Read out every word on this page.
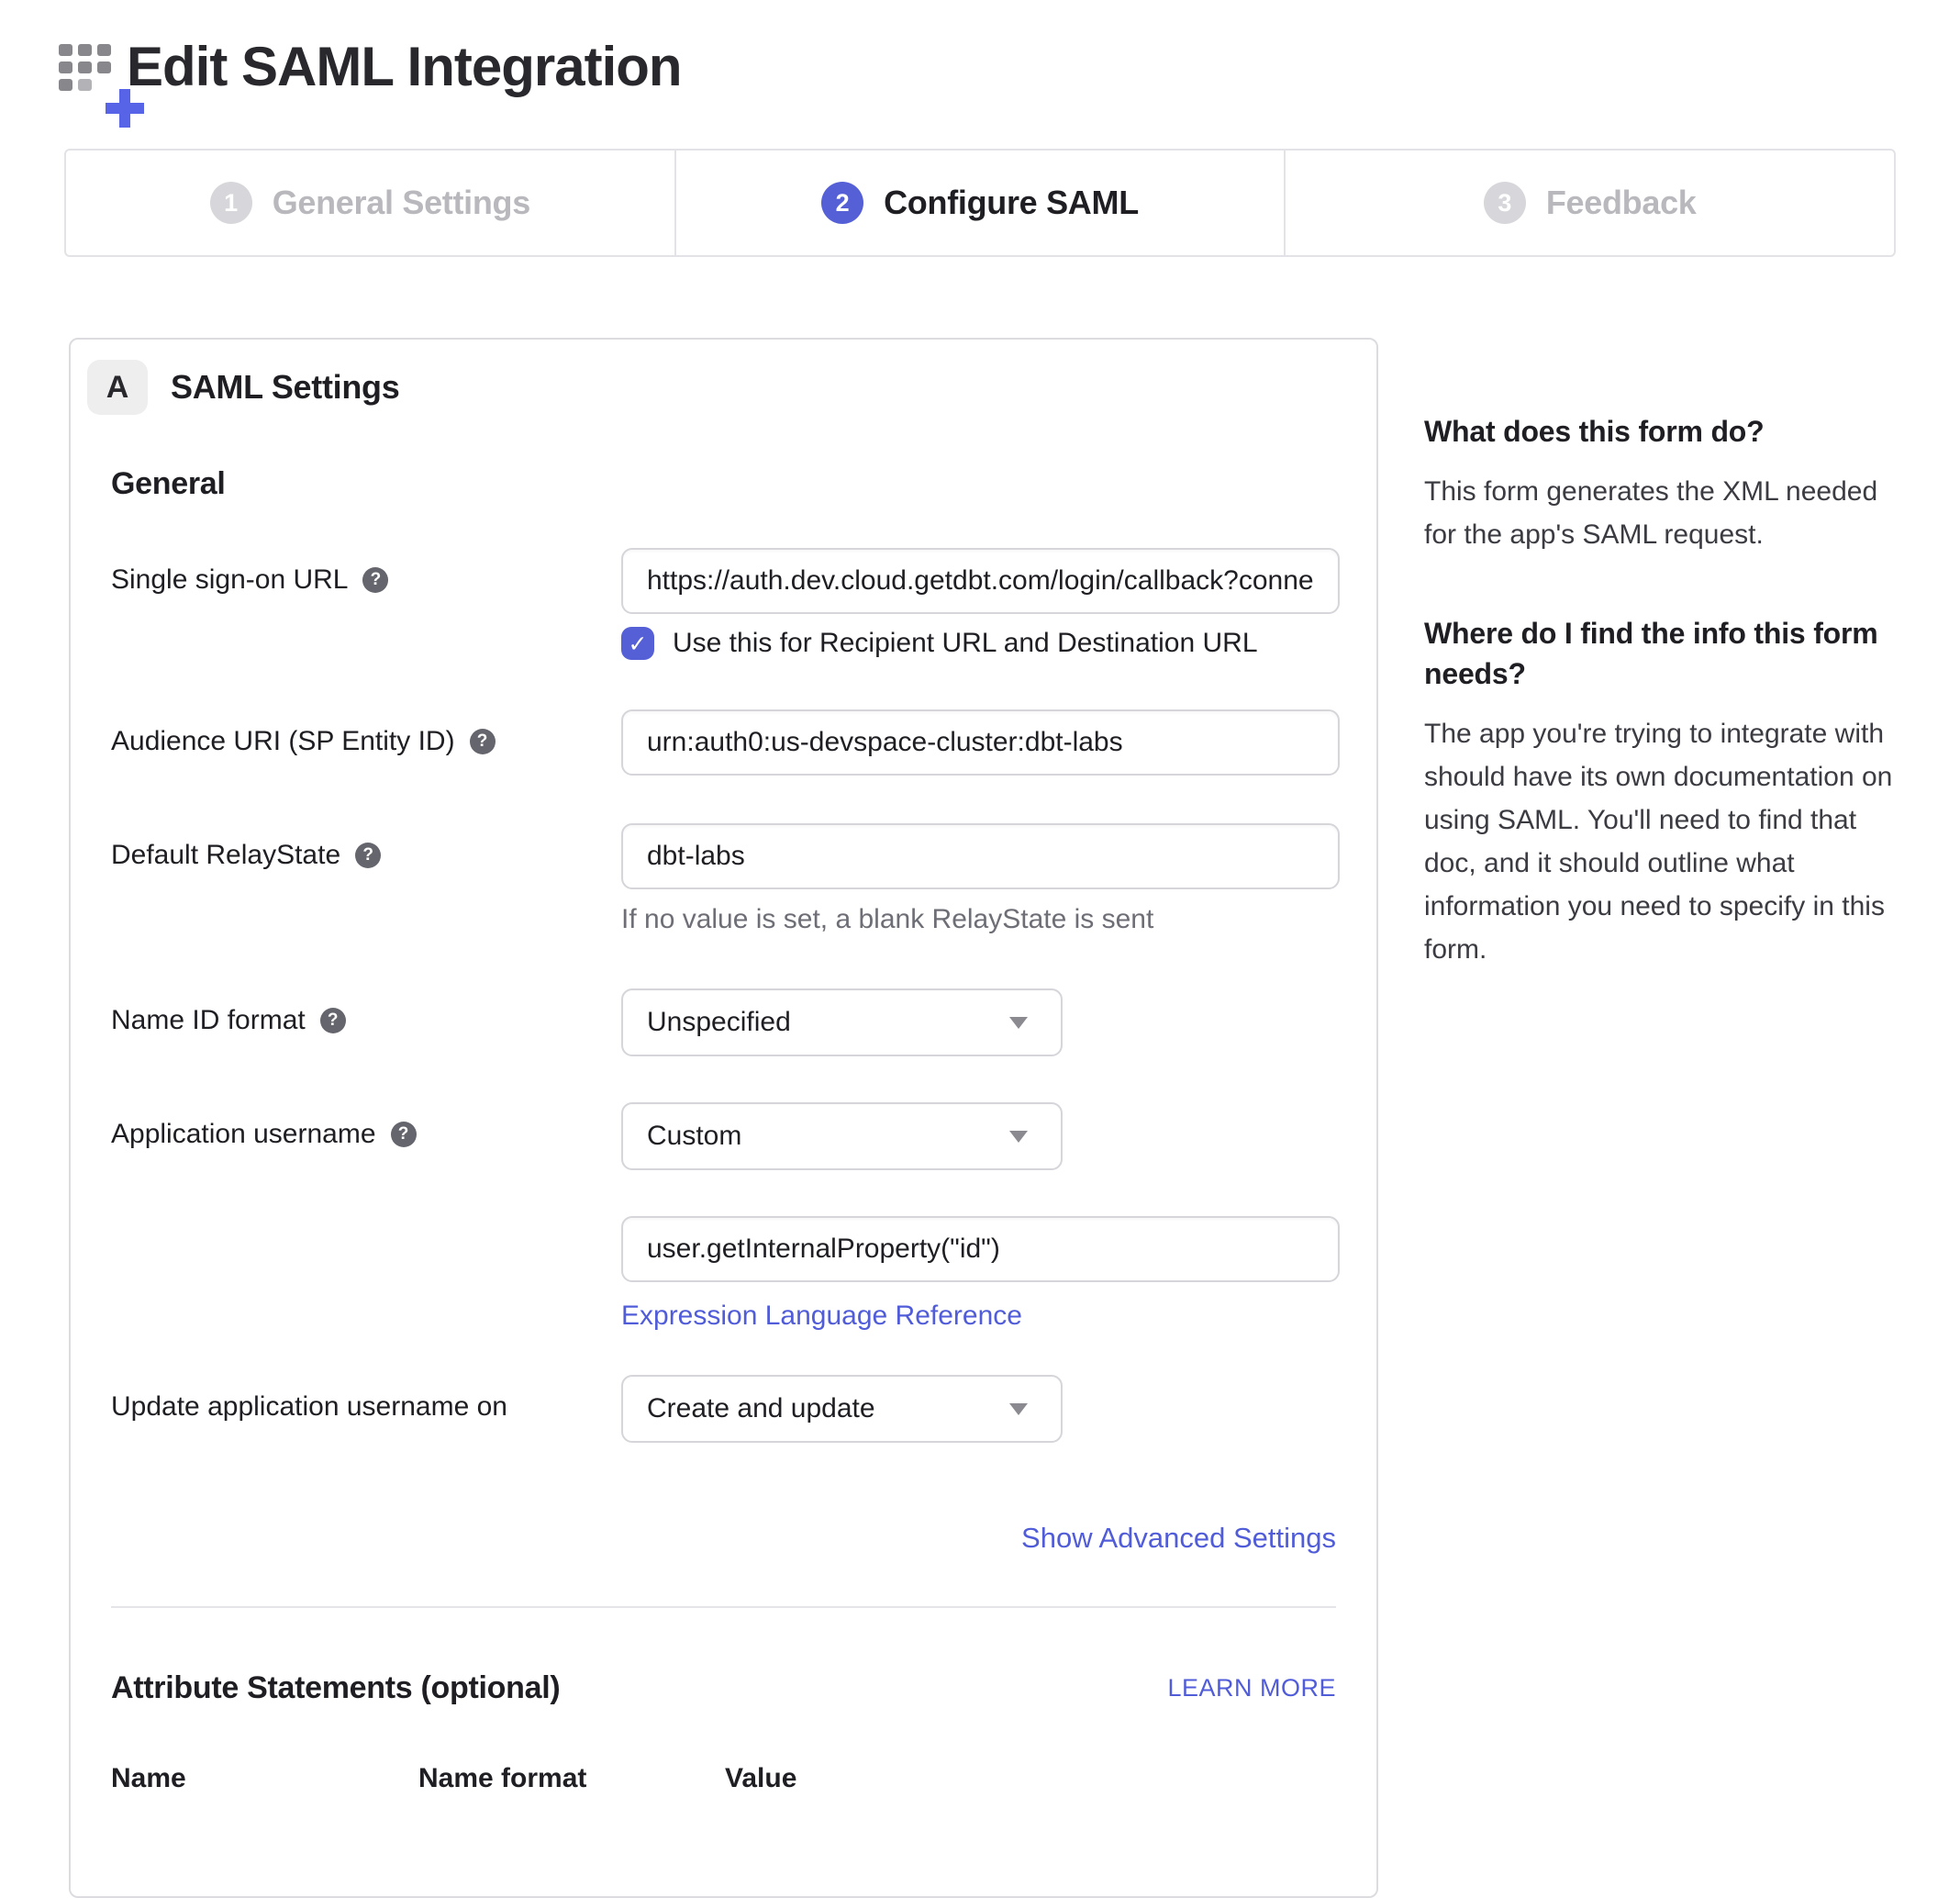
Edit SAML Integration
1	General Settings	2	Configure SAML	3	Feedback
A	SAML Settings
General
Single sign-on URL	?
https://auth.dev.cloud.getdbt.com/login/callback?conne
✓ Use this for Recipient URL and Destination URL
Audience URI (SP Entity ID)	?
urn:auth0:us-devspace-cluster:dbt-labs
Default RelayState	?
dbt-labs
If no value is set, a blank RelayState is sent
Name ID format	?	Unspecified
Application username	?	Custom
user.getInternalProperty("id") Expression Language Reference
Update application username on	Create and update
Show Advanced Settings
Attribute Statements (optional)	LEARN MORE
Name	Name format	Value
What does this form do?

This form generates the XML needed for the app's SAML request.

Where do I find the info this form needs?

The app you're trying to integrate with should have its own documentation on using SAML. You'll need to find that doc, and it should outline what information you need to specify in this form.
